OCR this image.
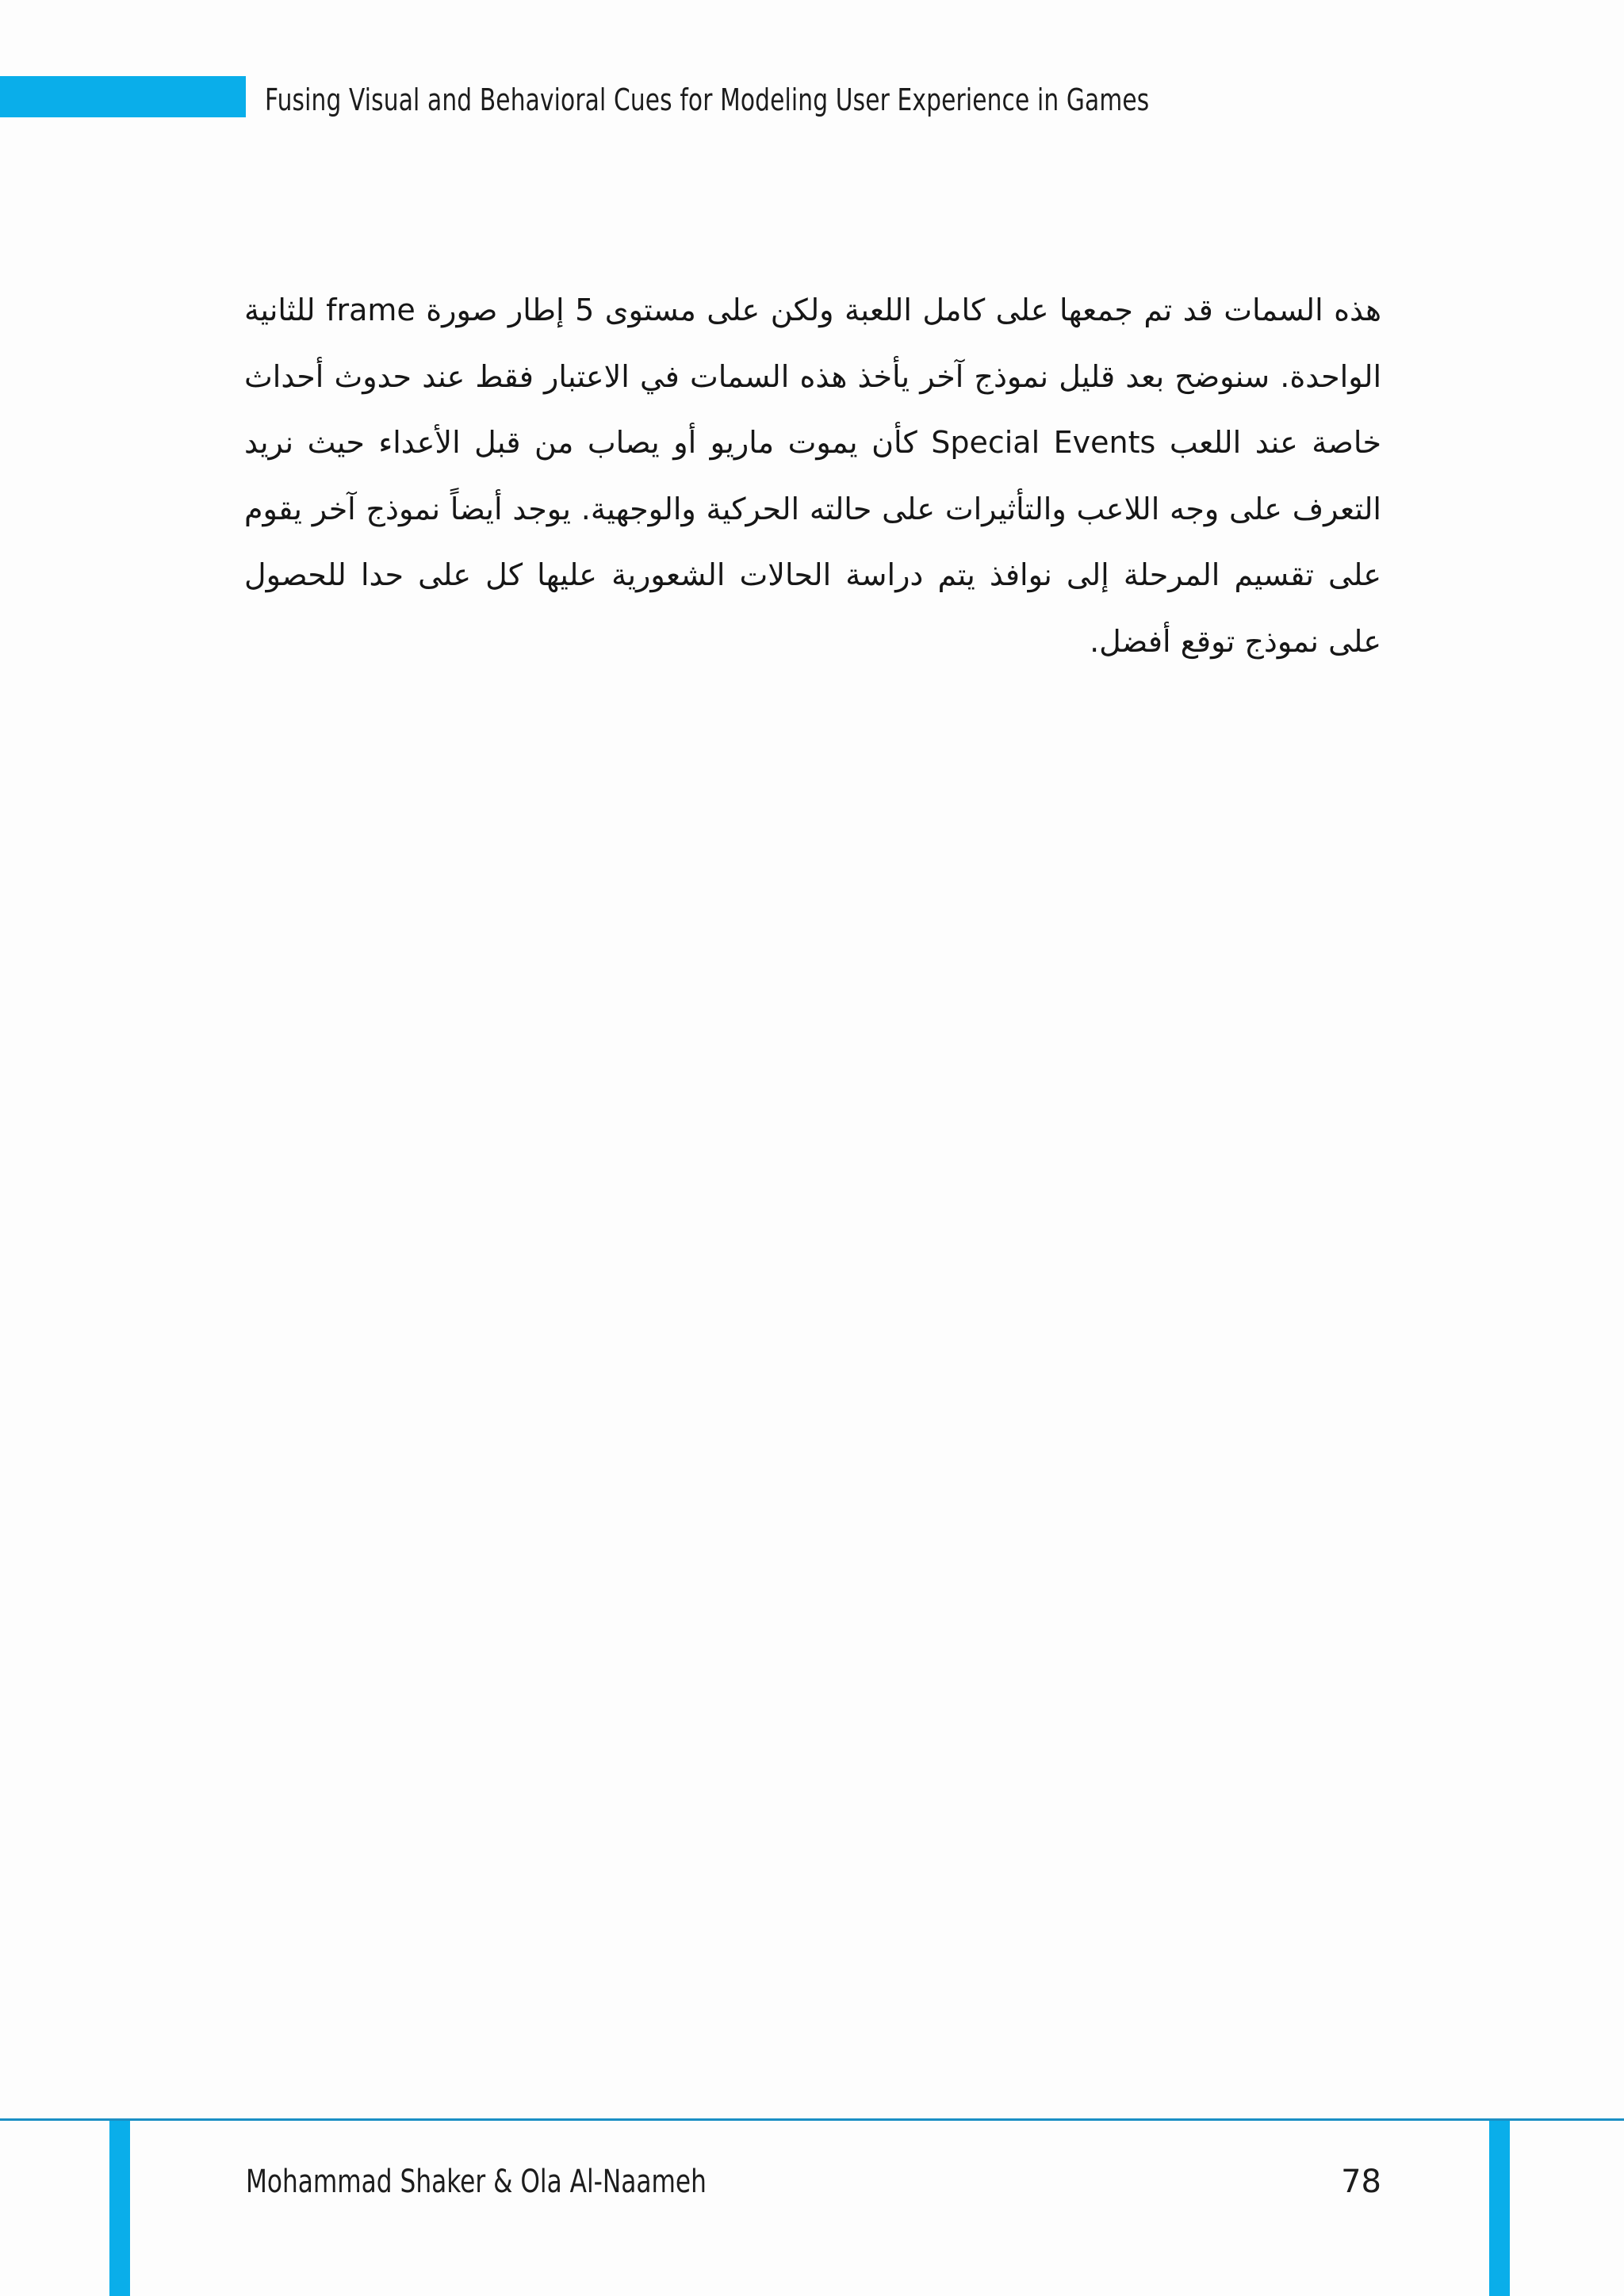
Fusing Visual and Behavioral Cues for Modeling User Experience in Games
هذه السمات قد تم جمعها على كامل اللعبة ولكن على مستوى 5 إطار صورة frame للثانية الواحدة. سنوضح بعد قليل نموذج آخر يأخذ هذه السمات في الاعتبار فقط عند حدوث أحداث خاصة عند اللعب Special Events كأن يموت ماريو أو يصاب من قبل الأعداء حيث نريد التعرف على وجه اللاعب والتأثيرات على حالته الحركية والوجهية. يوجد أيضاً نموذج آخر يقوم على تقسيم المرحلة إلى نوافذ يتم دراسة الحالات الشعورية عليها كل على حدا للحصول على نموذج توقع أفضل.
Mohammad Shaker & Ola Al-Naameh	78
